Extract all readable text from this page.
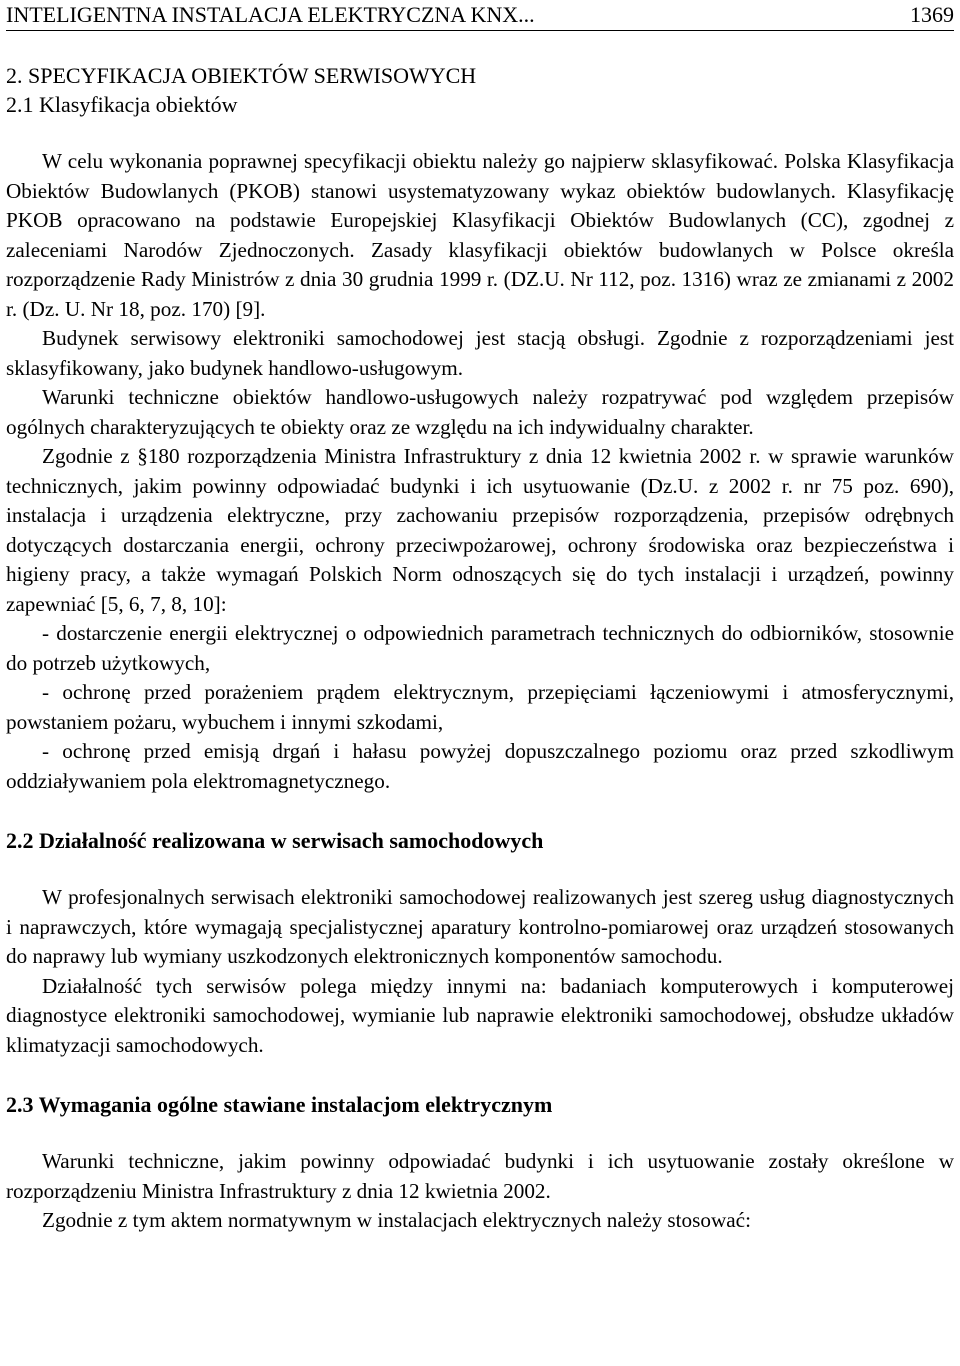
INTELIGENTNA INSTALACJA ELEKTRYCZNA KNX...	1369
2. SPECYFIKACJA OBIEKTÓW SERWISOWYCH
2.1 Klasyfikacja obiektów

W celu wykonania poprawnej specyfikacji obiektu należy go najpierw sklasyfikować. Polska Klasyfikacja Obiektów Budowlanych (PKOB) stanowi usystematyzowany wykaz obiektów budowlanych. Klasyfikację PKOB opracowano na podstawie Europejskiej Klasyfikacji Obiektów Budowlanych (CC), zgodnej z zaleceniami Narodów Zjednoczonych. Zasady klasyfikacji obiektów budowlanych w Polsce określa rozporządzenie Rady Ministrów z dnia 30 grudnia 1999 r. (DZ.U. Nr 112, poz. 1316) wraz ze zmianami z 2002 r. (Dz. U. Nr 18, poz. 170) [9].

Budynek serwisowy elektroniki samochodowej jest stacją obsługi. Zgodnie z rozporządzeniami jest sklasyfikowany, jako budynek handlowo-usługowym.

Warunki techniczne obiektów handlowo-usługowych należy rozpatrywać pod względem przepisów ogólnych charakteryzujących te obiekty oraz ze względu na ich indywidualny charakter.

Zgodnie z §180 rozporządzenia Ministra Infrastruktury z dnia 12 kwietnia 2002 r. w sprawie warunków technicznych, jakim powinny odpowiadać budynki i ich usytuowanie (Dz.U. z 2002 r. nr 75 poz. 690), instalacja i urządzenia elektryczne, przy zachowaniu przepisów rozporządzenia, przepisów odrębnych dotyczących dostarczania energii, ochrony przeciwpożarowej, ochrony środowiska oraz bezpieczeństwa i higieny pracy, a także wymagań Polskich Norm odnoszących się do tych instalacji i urządzeń, powinny zapewniać [5, 6, 7, 8, 10]:

- dostarczenie energii elektrycznej o odpowiednich parametrach technicznych do odbiorników, stosownie do potrzeb użytkowych,

- ochronę przed porażeniem prądem elektrycznym, przepięciami łączeniowymi i atmosferycznymi, powstaniem pożaru, wybuchem i innymi szkodami,

- ochronę przed emisją drgań i hałasu powyżej dopuszczalnego poziomu oraz przed szkodliwym oddziaływaniem pola elektromagnetycznego.

2.2 Działalność realizowana w serwisach samochodowych

W profesjonalnych serwisach elektroniki samochodowej realizowanych jest szereg usług diagnostycznych i naprawczych, które wymagają specjalistycznej aparatury kontrolno-pomiarowej oraz urządzeń stosowanych do naprawy lub wymiany uszkodzonych elektronicznych komponentów samochodu.

Działalność tych serwisów polega między innymi na: badaniach komputerowych i komputerowej diagnostyce elektroniki samochodowej, wymianie lub naprawie elektroniki samochodowej, obsłudze układów klimatyzacji samochodowych.

2.3 Wymagania ogólne stawiane instalacjom elektrycznym

Warunki techniczne, jakim powinny odpowiadać budynki i ich usytuowanie zostały określone w rozporządzeniu Ministra Infrastruktury z dnia 12 kwietnia 2002.

Zgodnie z tym aktem normatywnym w instalacjach elektrycznych należy stosować:
